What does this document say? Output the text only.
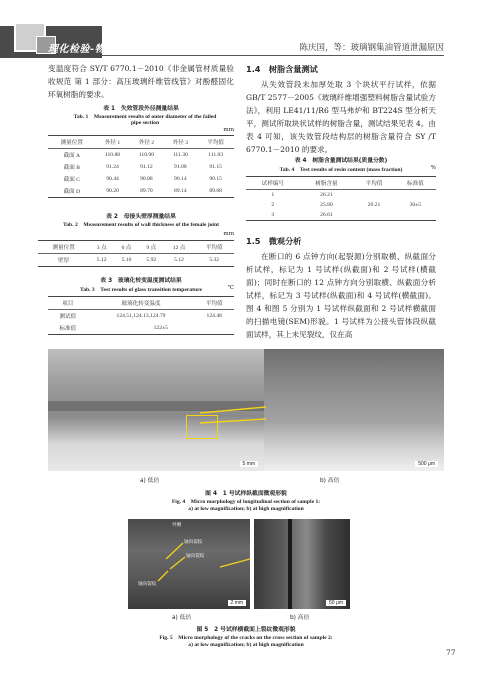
理化检验-物理分册	陈庆国，等：玻璃钢集油管道泄漏原因
变温度符合 SY/T 6770.1－2010《非金属管材质量验收规范 第 1 部分：高压玻璃纤维管线管》对酚醛固化环氧树脂的要求。
表 1　失效管段外径测量结果
Tab. 1　Measurement results of outer diameter of the failed pipe section
mm
测量位置	外径 1	外径 2	外径 3	平均值
截面 A	110.88	110.90	111.30	111.03
截面 B	91.24	91.12	91.08	91.15
截面 C	90.44	90.88	90.14	90.15
截面 D	90.20	89.70	89.14	89.68
表 2　母接头壁厚测量结果
Tab. 2　Measurement results of wall thickness of the female joint
mm
测量位置	3 点	6 点	9 点	12 点	平均值
壁厚	5.12	5.10	5.92	5.12	5.32
表 3　玻璃化转变温度测试结果
Tab. 3　Test results of glass transition temperature	℃
项目	玻璃化转变温度	平均值
测试值	124.51,124.13,124.79	124.48
标准值	122±5	
1.4　树脂含量测试
从失效管段未加厚处取 3 个块状平行试样，依据 GB/T 2577－2005《玻璃纤维增强塑料树脂含量试验方法》，利用 LE41/11/R6 型马弗炉和 BT224S 型分析天平，测试所取块状试样的树脂含量，测试结果见表 4。由表 4 可知，该失效管段结构层的树脂含量符合 SY /T 6770.1－2010 的要求。
表 4　树脂含量测试结果(质量分数)
Tab. 4　Test results of resin content (mass fraction)	%
试样编号	树脂含量	平均值	标准值
1	26.21		
2	25.80	26.21	30±5
3	26.61		
1.5　微观分析
在断口的 6 点钟方向(起裂源)分别取横、纵截面分析试样，标记为 1 号试样(纵截面)和 2 号试样(横截面)；同时在断口的 12 点钟方向分别取横、纵截面分析试样，标记为 3 号试样(纵截面)和 4 号试样(横截面)。图 4 和图 5 分别为 1 号试样纵截面和 2 号试样横截面的扫描电镜(SEM)形貌。1 号试样为公接头管体段纵截面试样，其上未见裂纹，仅在高
5 mm	500 μm
a) 低倍	b) 高倍
图 4　1 号试样纵截面微观形貌
Fig. 4　Micro morphology of longitudinal section of sample 1:
a) at low magnification; b) at high magnification
外侧
轴向裂纹
轴向裂纹
轴向裂纹
2 mm	50 μm
a) 低倍	b) 高倍
图 5　2 号试样横截面上裂纹微观形貌
Fig. 5　Micro morphology of the cracks on the cross section of sample 2:
a) at low magnification; b) at high magnification
77
